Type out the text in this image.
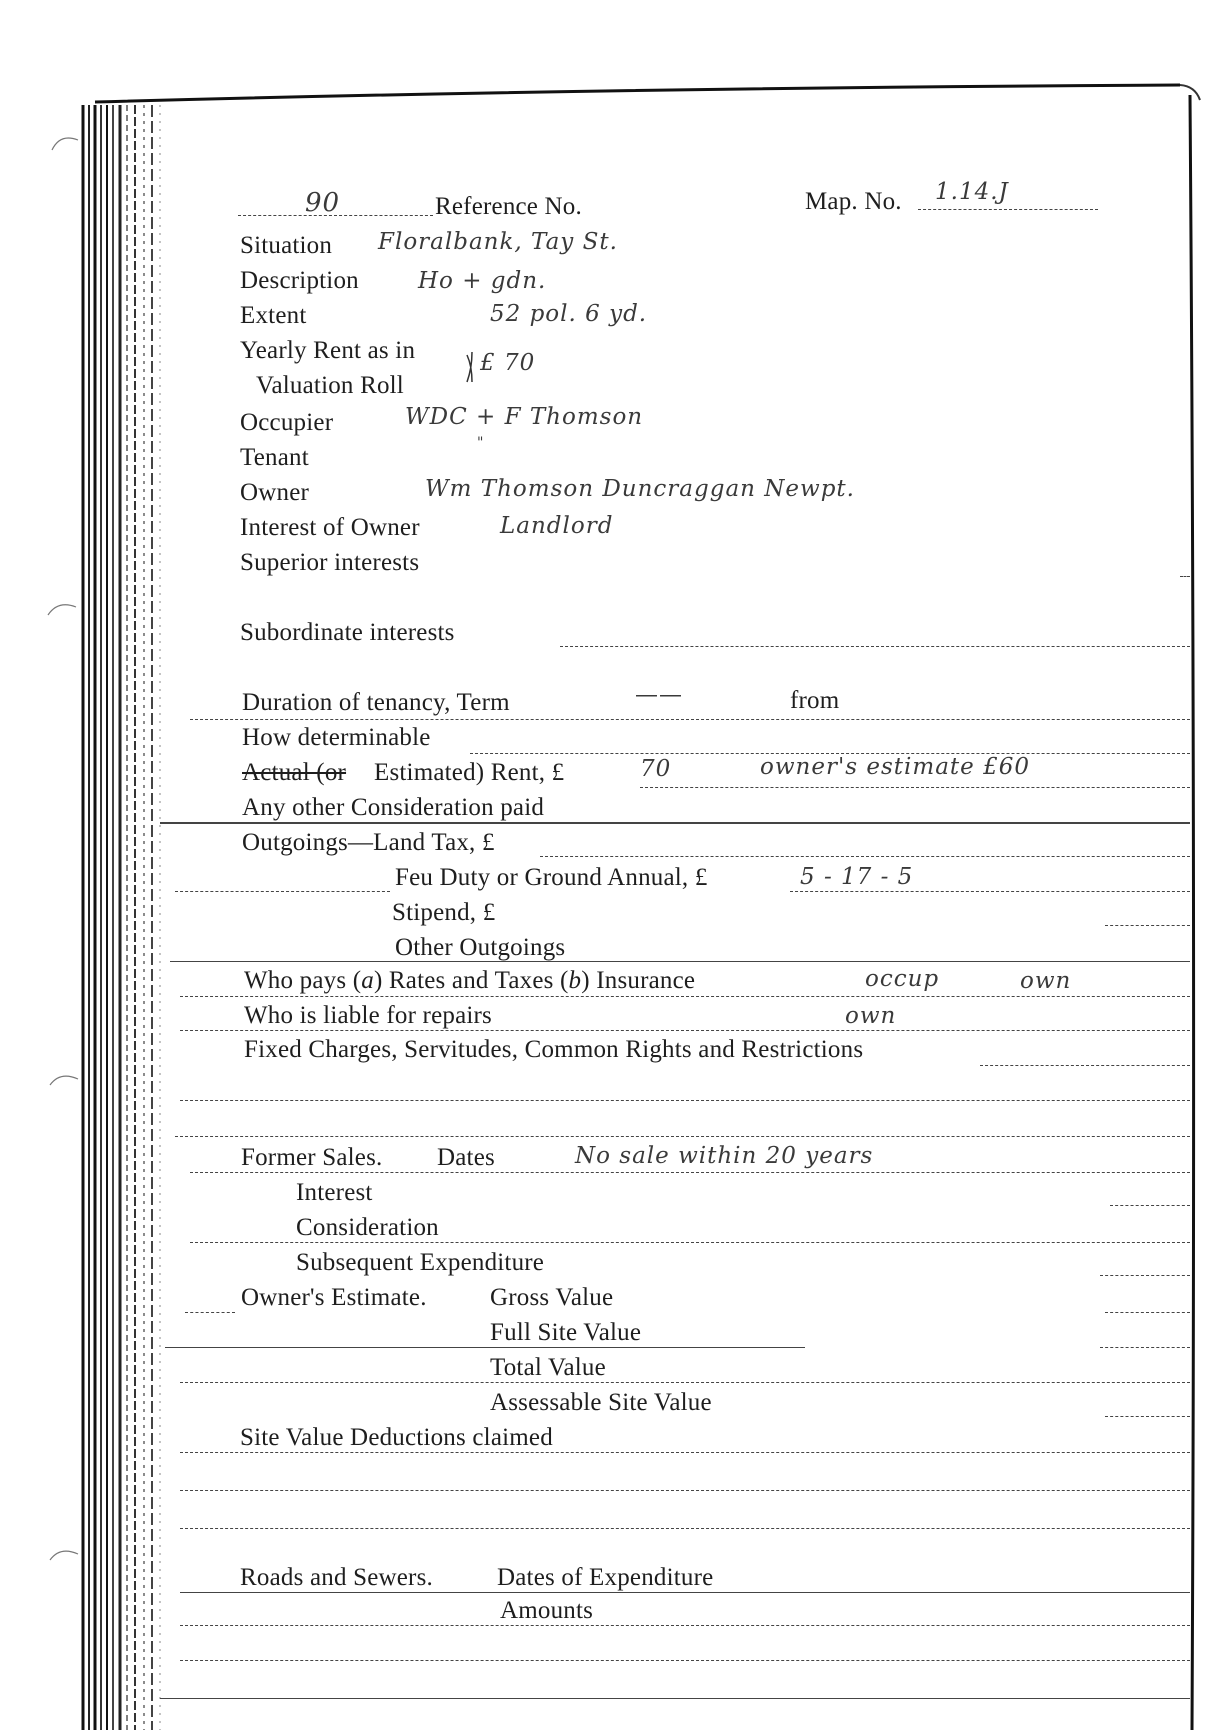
90	Reference No.	Map. No. 1.14.J
Situation Floralbank, Tay St.
Description	Ho + gdn.
Extent	52 pol. 6 yd.
Yearly Rent as in
Valuation Roll
£ 70
Occupier	WDC + F Thomson
Tenant
"
Owner	Wm Thomson Duncraggan Newpt.
Interest of Owner	Landlord
Superior interests
Subordinate interests
Duration of tenancy, Term	——	from
How determinable
Actual (or Estimated) Rent, £	70	owner's estimate £60
Any other Consideration paid
Outgoings—Land Tax, £
Feu Duty or Ground Annual, £	5 - 17 - 5
Stipend, £
Other Outgoings
Who pays (a) Rates and Taxes (b) Insurance	occup	own
Who is liable for repairs	own
Fixed Charges, Servitudes, Common Rights and Restrictions
Former Sales. Dates	No sale within 20 years
Interest
Consideration
Subsequent Expenditure
Owner's Estimate.	Gross Value
Full Site Value
Total Value
Assessable Site Value
Site Value Deductions claimed
Roads and Sewers.	Dates of Expenditure
Amounts
